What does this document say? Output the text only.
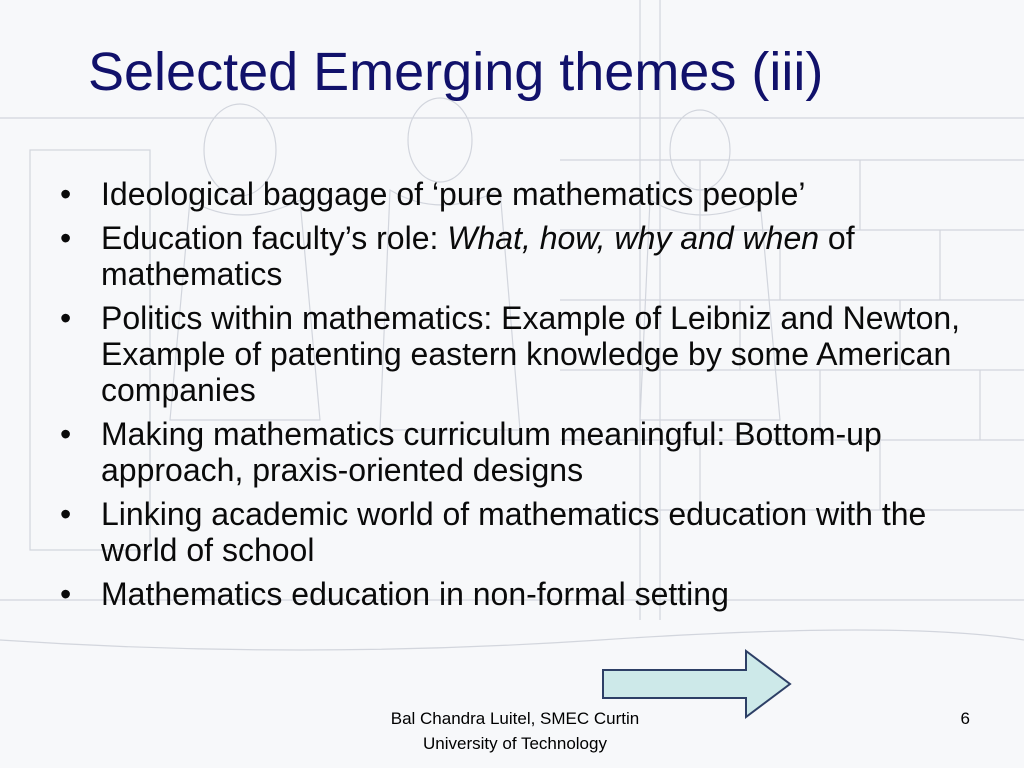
Selected Emerging themes (iii)
• Ideological baggage of ‘pure mathematics people’
• Education faculty’s role: What, how, why and when of mathematics
• Politics within mathematics: Example of Leibniz and Newton, Example of patenting eastern knowledge by some American companies
• Making mathematics curriculum meaningful: Bottom-up approach, praxis-oriented designs
• Linking academic world of mathematics education with the world of school
• Mathematics education in non-formal setting
Bal Chandra Luitel, SMEC Curtin
University of Technology
6
